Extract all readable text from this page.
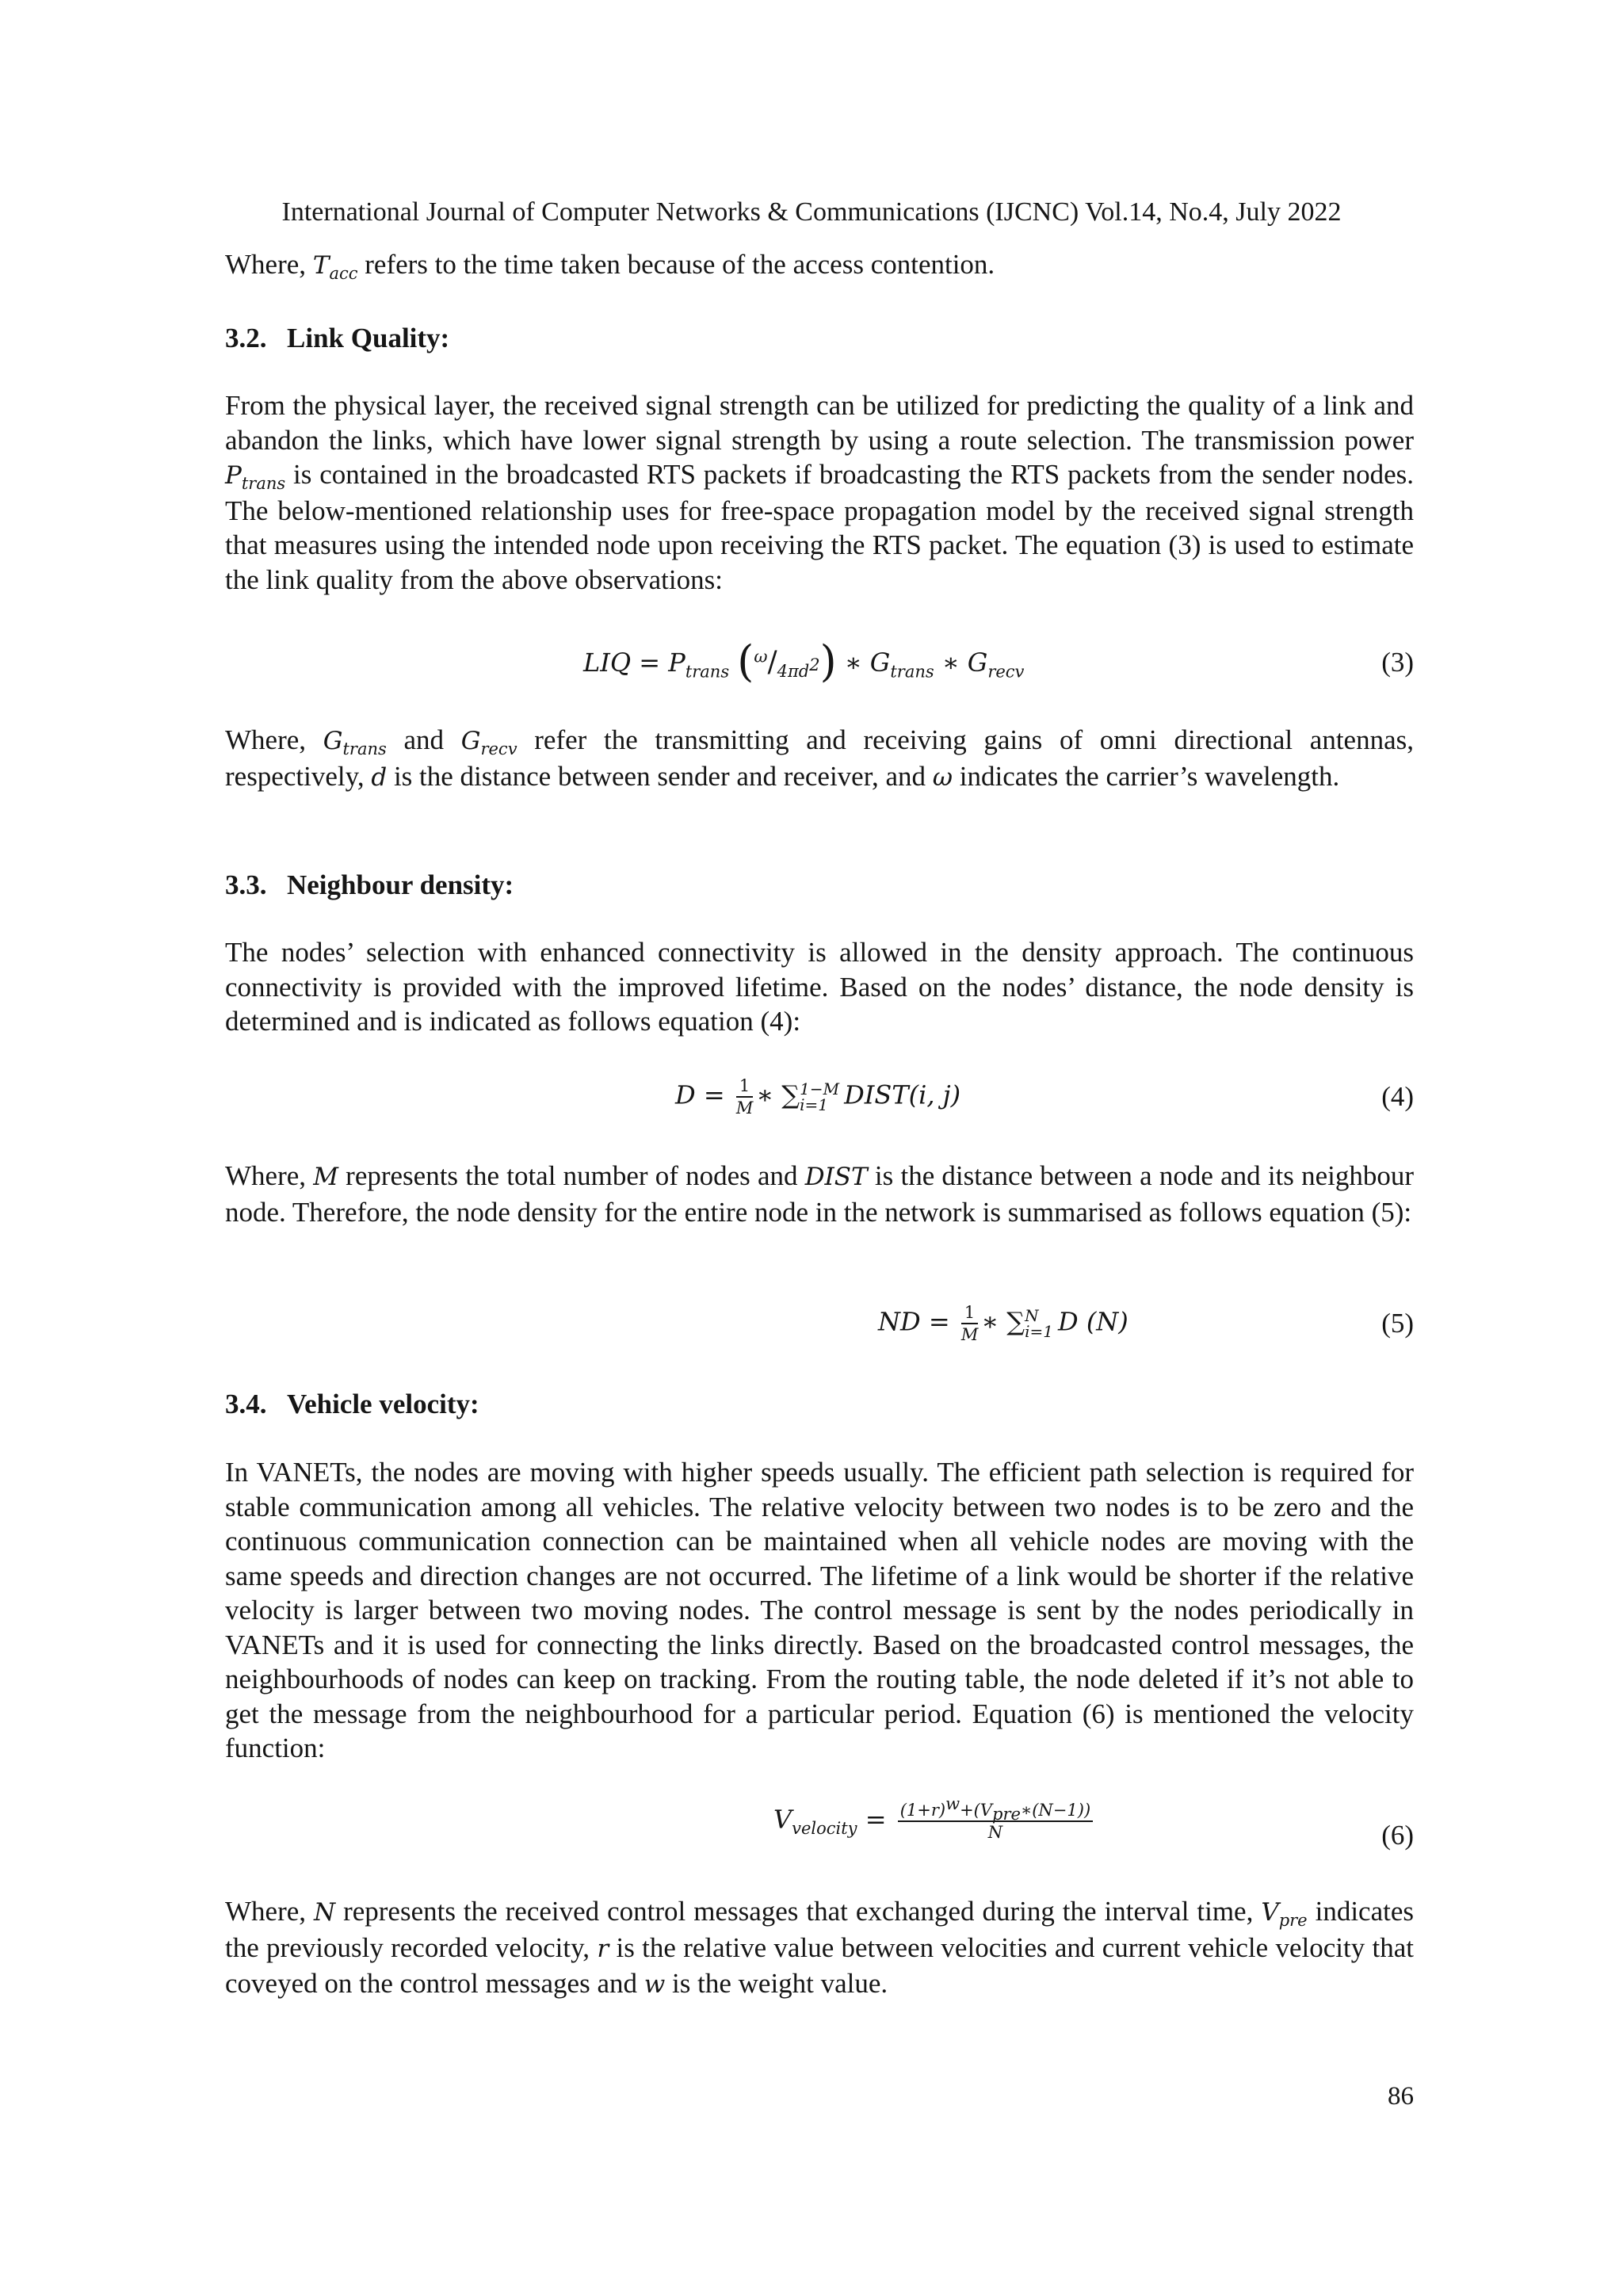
International Journal of Computer Networks & Communications (IJCNC) Vol.14, No.4, July 2022

Where, $T_{acc}$ refers to the time taken because of the access contention.

3.2. Link Quality:

From the physical layer, the received signal strength can be utilized for predicting the quality of a link and abandon the links, which have lower signal strength by using a route selection. The transmission power $P_{trans}$ is contained in the broadcasted RTS packets if broadcasting the RTS packets from the sender nodes. The below-mentioned relationship uses for free-space propagation model by the received signal strength that measures using the intended node upon receiving the RTS packet. The equation (3) is used to estimate the link quality from the above observations:

LIQ = $P_{trans}$ $(^\omega/_{4\pi d^2})$ ∗ $G_{trans}$ ∗ $G_{recv}$	(3)

Where, $G_{trans}$ and $G_{recv}$ refer the transmitting and receiving gains of omni directional antennas, respectively, d is the distance between sender and receiver, and ω indicates the carrier’s wavelength.

3.3. Neighbour density:

The nodes’ selection with enhanced connectivity is allowed in the density approach. The continuous connectivity is provided with the improved lifetime. Based on the nodes’ distance, the node density is determined and is indicated as follows equation (4):

$D = \frac{1}{M}$ ∗ ∑ 1−M
i=1 DIST(i, j)	(4)

Where, M represents the total number of nodes and DIST is the distance between a node and its neighbour node. Therefore, the node density for the entire node in the network is summarised as follows equation (5):

ND = $\frac{1}{M}$ ∗ ∑ N
i=1 D (N)	(5)
3.4. Vehicle velocity:

In VANETs, the nodes are moving with higher speeds usually. The efficient path selection is required for stable communication among all vehicles. The relative velocity between two nodes is to be zero and the continuous communication connection can be maintained when all vehicle nodes are moving with the same speeds and direction changes are not occurred. The lifetime of a link would be shorter if the relative velocity is larger between two moving nodes. The control message is sent by the nodes periodically in VANETs and it is used for connecting the links directly. Based on the broadcasted control messages, the neighbourhoods of nodes can keep on tracking. From the routing table, the node deleted if it’s not able to get the message from the neighbourhood for a particular period. Equation (6) is mentioned the velocity function:

$V_{velocity} = \frac{(1+r)^w+(V_{pre}∗(N-1))}{N}$	(6)

Where, N represents the received control messages that exchanged during the interval time, $V_{pre}$ indicates the previously recorded velocity, r is the relative value between velocities and current vehicle velocity that coveyed on the control messages and w is the weight value.

86
